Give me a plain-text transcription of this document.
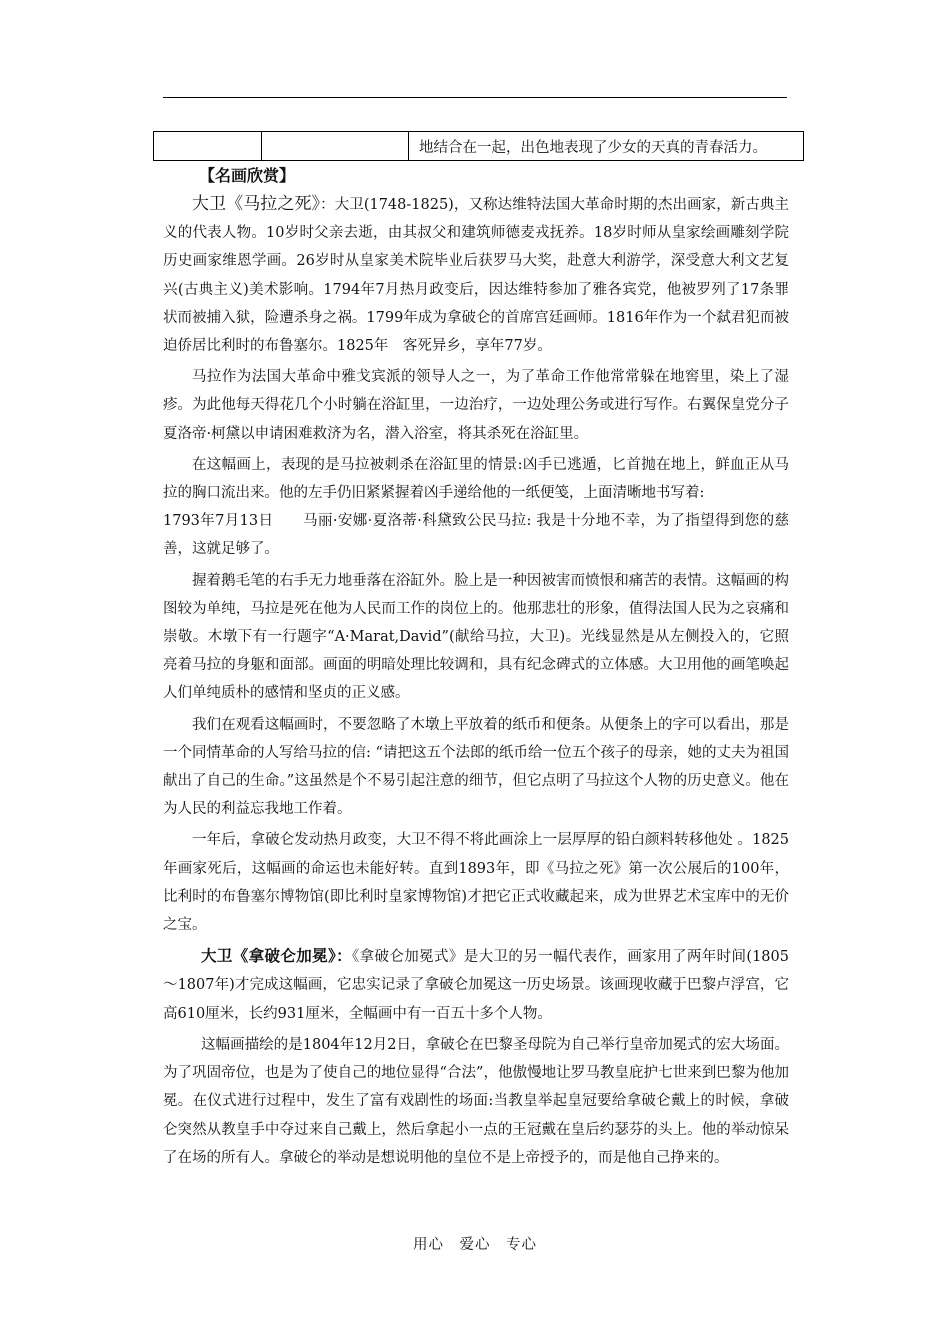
		地结合在一起，出色地表现了少女的天真的青春活力。
【名画欣赏】

大卫《马拉之死》：大卫(1748-1825)，又称达维特法国大革命时期的杰出画家，新古典主义的代表人物。10岁时父亲去逝，由其叔父和建筑师德麦戎抚养。18岁时师从皇家绘画雕刻学院历史画家维恩学画。26岁时从皇家美术院毕业后获罗马大奖，赴意大利游学，深受意大利文艺复兴(古典主义)美术影响。1794年7月热月政变后，因达维特参加了雅各宾党，他被罗列了17条罪状而被捕入狱，险遭杀身之祸。1799年成为拿破仑的首席宫廷画师。1816年作为一个弑君犯而被迫侨居比利时的布鲁塞尔。1825年　客死异乡，享年77岁。

马拉作为法国大革命中雅戈宾派的领导人之一，为了革命工作他常常躲在地窖里，染上了湿疹。为此他每天得花几个小时躺在浴缸里，一边治疗，一边处理公务或进行写作。右翼保皇党分子夏洛帝·柯黛以申请困难救济为名，潜入浴室，将其杀死在浴缸里。

在这幅画上，表现的是马拉被刺杀在浴缸里的情景:凶手已逃遁，匕首抛在地上，鲜血正从马拉的胸口流出来。他的左手仍旧紧紧握着凶手递给他的一纸便笺，上面清晰地书写着:

1793年7月13日　　马丽·安娜·夏洛蒂·科黛致公民马拉: 我是十分地不幸，为了指望得到您的慈善，这就足够了。

握着鹅毛笔的右手无力地垂落在浴缸外。脸上是一种因被害而愤恨和痛苦的表情。这幅画的构图较为单纯，马拉是死在他为人民而工作的岗位上的。他那悲壮的形象，值得法国人民为之哀痛和崇敬。木墩下有一行题字“A·Marat,David”(献给马拉，大卫)。光线显然是从左侧投入的，它照亮着马拉的身躯和面部。画面的明暗处理比较调和，具有纪念碑式的立体感。大卫用他的画笔唤起人们单纯质朴的感情和坚贞的正义感。

我们在观看这幅画时，不要忽略了木墩上平放着的纸币和便条。从便条上的字可以看出，那是一个同情革命的人写给马拉的信: “请把这五个法郎的纸币给一位五个孩子的母亲，她的丈夫为祖国献出了自己的生命。”这虽然是个不易引起注意的细节，但它点明了马拉这个人物的历史意义。他在为人民的利益忘我地工作着。

一年后，拿破仑发动热月政变，大卫不得不将此画涂上一层厚厚的铅白颜料转移他处 。1825年画家死后，这幅画的命运也未能好转。直到1893年，即《马拉之死》第一次公展后的100年，比利时的布鲁塞尔博物馆(即比利时皇家博物馆)才把它正式收藏起来，成为世界艺术宝库中的无价之宝。

大卫《拿破仑加冕》：《拿破仑加冕式》是大卫的另一幅代表作，画家用了两年时间(1805～1807年)才完成这幅画，它忠实记录了拿破仑加冕这一历史场景。该画现收藏于巴黎卢浮宫，它高610厘米，长约931厘米，全幅画中有一百五十多个人物。

这幅画描绘的是1804年12月2日，拿破仑在巴黎圣母院为自己举行皇帝加冕式的宏大场面。为了巩固帝位，也是为了使自己的地位显得“合法”，他傲慢地让罗马教皇庇护七世来到巴黎为他加冕。在仪式进行过程中，发生了富有戏剧性的场面:当教皇举起皇冠要给拿破仑戴上的时候，拿破仑突然从教皇手中夺过来自己戴上，然后拿起小一点的王冠戴在皇后约瑟芬的头上。他的举动惊呆了在场的所有人。拿破仑的举动是想说明他的皇位不是上帝授予的，而是他自己挣来的。

用心　爱心　专心
